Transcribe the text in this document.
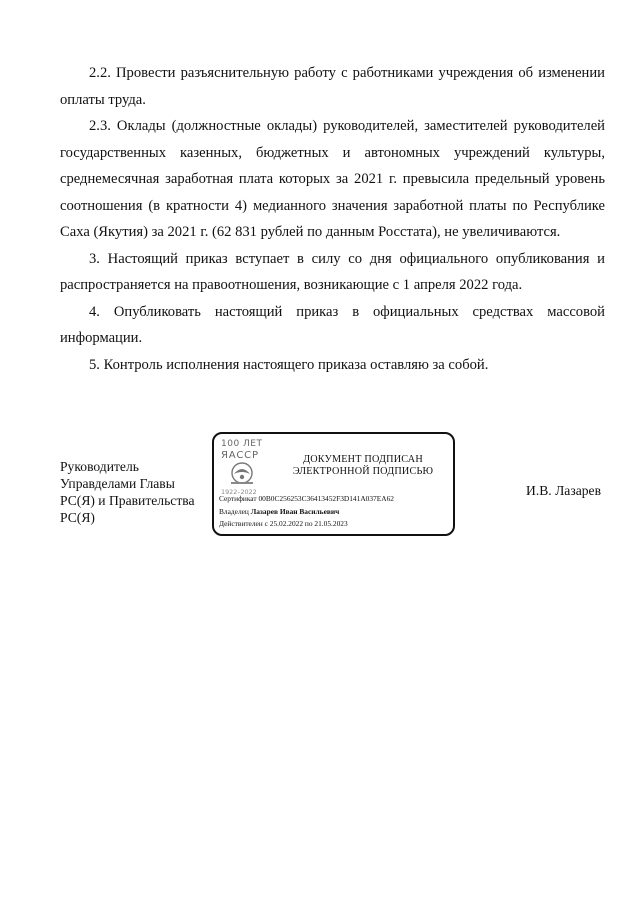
2.2. Провести разъяснительную работу с работниками учреждения об изменении оплаты труда.

2.3. Оклады (должностные оклады) руководителей, заместителей руководителей государственных казенных, бюджетных и автономных учреждений культуры, среднемесячная заработная плата которых за 2021 г. превысила предельный уровень соотношения (в кратности 4) медианного значения заработной платы по Республике Саха (Якутия) за 2021 г. (62 831 рублей по данным Росстата), не увеличиваются.

3. Настоящий приказ вступает в силу со дня официального опубликования и распространяется на правоотношения, возникающие с 1 апреля 2022 года.

4. Опубликовать настоящий приказ в официальных средствах массовой информации.

5. Контроль исполнения настоящего приказа оставляю за собой.

Руководитель
Управделами Главы
РС(Я) и Правительства
РС(Я)
100 ЛЕТ
ЯАССР
1922–2022
ДОКУМЕНТ ПОДПИСАН
ЭЛЕКТРОННОЙ ПОДПИСЬЮ
Сертификат 00B0C256253C36413452F3D141A037EA62
Владелец Лазарев Иван Васильевич
Действителен с 25.02.2022 по 21.05.2023
И.В. Лазарев
